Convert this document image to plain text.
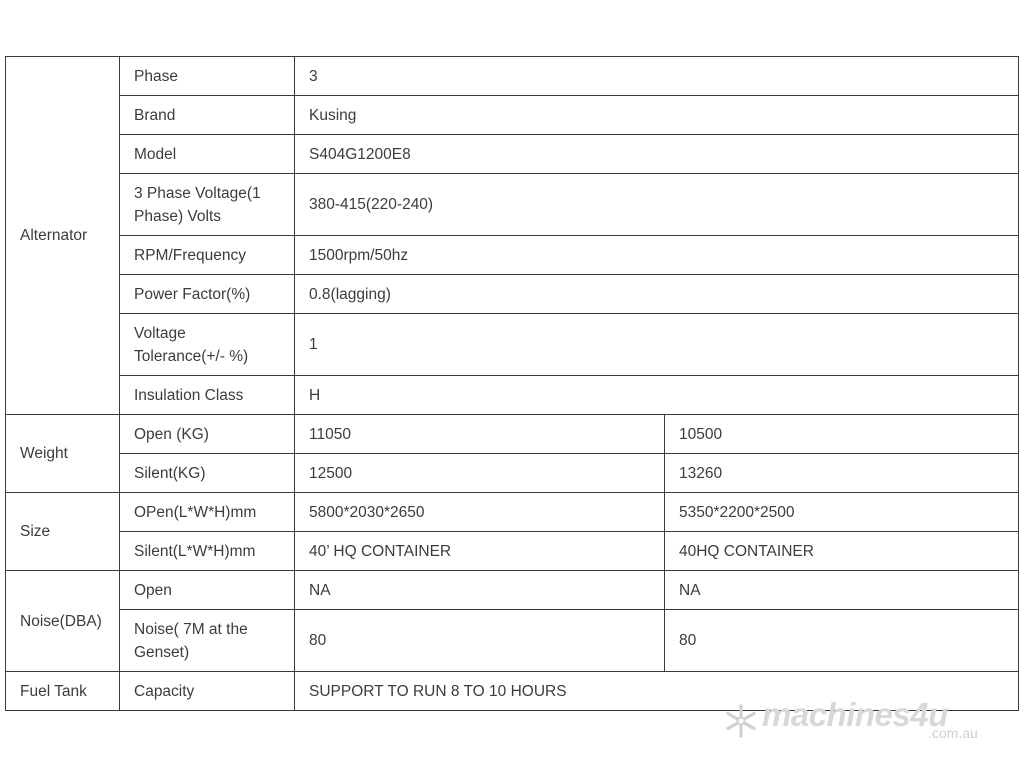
Alternator	Phase	3	
	Brand	Kusing	
	Model	S404G1200E8	
	3 Phase Voltage(1 Phase) Volts	380-415(220-240)	
	RPM/Frequency	1500rpm/50hz	
	Power Factor(%)	0.8(lagging)	
	Voltage Tolerance(+/- %)	1	
	Insulation Class	H	
Weight	Open (KG)	11050	10500
	Silent(KG)	12500	13260
Size	OPen(L*W*H)mm	5800*2030*2650	5350*2200*2500
	Silent(L*W*H)mm	40’ HQ CONTAINER	40HQ CONTAINER
Noise(DBA)	Open	NA	NA
	Noise( 7M at the Genset)	80	80
Fuel Tank	Capacity	SUPPORT TO RUN 8 TO 10 HOURS	
machines4u
.com.au
